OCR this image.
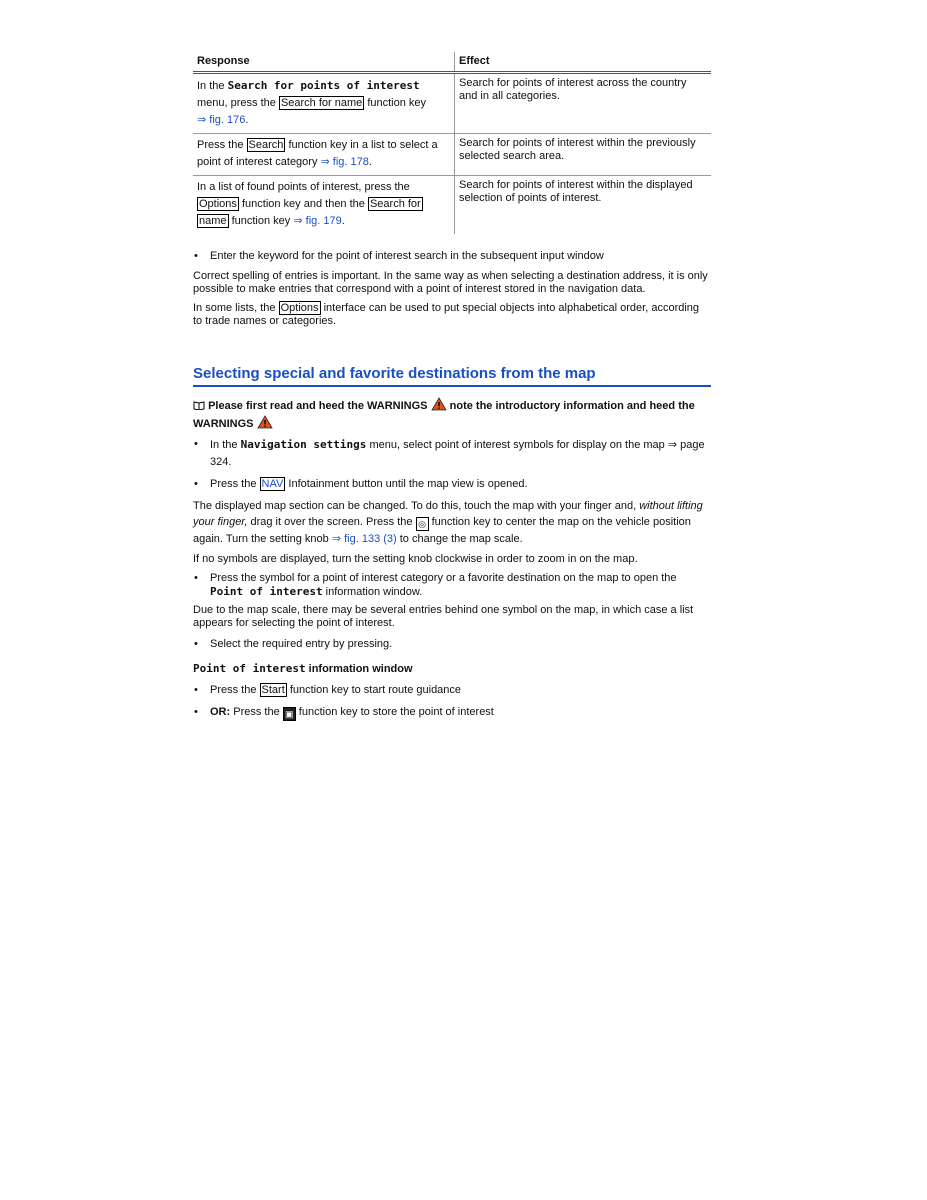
Response	Effect
In the Search for points of interest
menu, press the Search for name function key
⇒ fig. 176.	Search for points of interest across the country and in all categories.
Press the Search function key in a list to select a point of interest category ⇒ fig. 178.	Search for points of interest within the previously selected search area.
In a list of found points of interest, press the Options function key and then the Search for
name function key ⇒ fig. 179.	Search for points of interest within the displayed selection of points of interest.
• Enter the keyword for the point of interest search in the subsequent input window

Correct spelling of entries is important. In the same way as when selecting a destination address, it is only possible to make entries that correspond with a point of interest stored in the navigation data.

In some lists, the Options interface can be used to put special objects into alphabetical order, according to trade names or categories.

Selecting special and favorite destinations from the map
Please first read and heed the WARNINGS  note the introductory information and heed the WARNINGS
• In the Navigation settings menu, select point of interest symbols for display on the map ⇒ page 324.
• Press the NAV Infotainment button until the map view is opened.

The displayed map section can be changed. To do this, touch the map with your finger and, without lifting your finger, drag it over the screen. Press the ◎ function key to center the map on the vehicle position again. Turn the setting knob ⇒ fig. 133 (3) to change the map scale.

If no symbols are displayed, turn the setting knob clockwise in order to zoom in on the map.

• Press the symbol for a point of interest category or a favorite destination on the map to open the Point of interest information window.

Due to the map scale, there may be several entries behind one symbol on the map, in which case a list appears for selecting the point of interest.

• Select the required entry by pressing.
Point of interest information window
• Press the Start function key to start route guidance
• OR: Press the ▣ function key to store the point of interest
